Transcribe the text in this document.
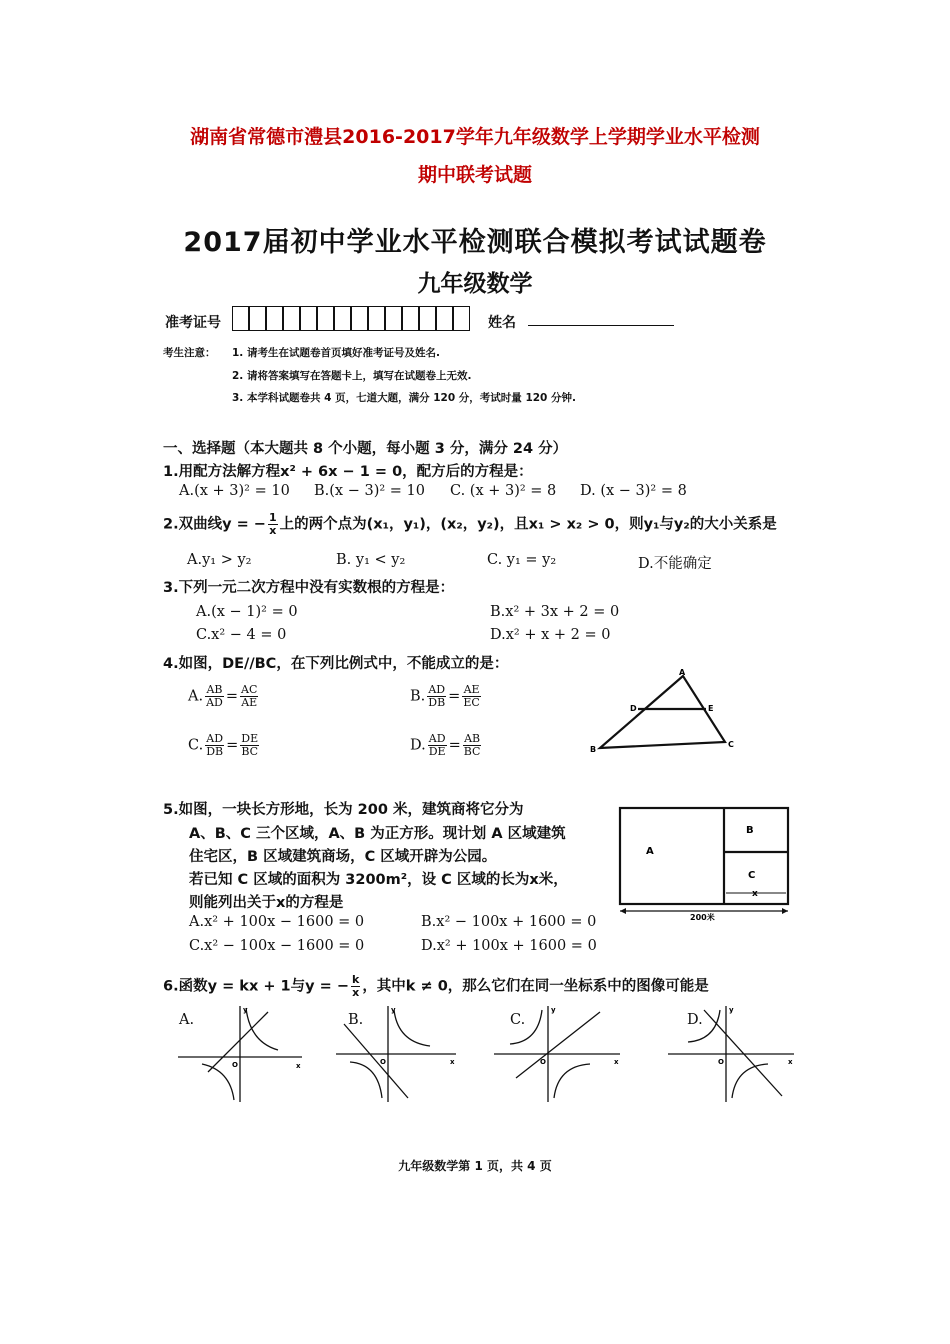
湖南省常德市澧县2016-2017学年九年级数学上学期学业水平检测
期中联考试题
2017届初中学业水平检测联合模拟考试试题卷
九年级数学
准考证号	姓名
考生注意： 1. 请考生在试题卷首页填好准考证号及姓名.
2. 请将答案填写在答题卡上，填写在试题卷上无效.
3. 本学科试题卷共 4 页，七道大题，满分 120 分，考试时量 120 分钟.
一、选择题（本大题共 8 个小题，每小题 3 分，满分 24 分）
1.用配方法解方程x² + 6x − 1 = 0，配方后的方程是：
A.(x + 3)² = 10 B.(x − 3)² = 10 C. (x + 3)² = 8 D. (x − 3)² = 8
2.双曲线y = − $\frac{1}{x}$ 上的两个点为(x₁，y₁)，(x₂，y₂)，且x₁ > x₂ > 0，则y₁与y₂的大小关系是
A.y₁ > y₂	B. y₁ < y₂	C. y₁ = y₂	D.不能确定
3.下列一元二次方程中没有实数根的方程是：
A.(x − 1)² = 0	B.x² + 3x + 2 = 0
C.x² − 4 = 0	D.x² + x + 2 = 0
4.如图，DE//BC，在下列比例式中，不能成立的是：
A. $\frac{AB}{AD} = \frac{AC}{AE}$	B. $\frac{AD}{DB} = \frac{AE}{EC}$
C. $\frac{AD}{DB} = \frac{DE}{BC}$	D. $\frac{AD}{DE} = \frac{AB}{BC}$
A
B
C
D	E
5.如图，一块长方形地，长为 200 米，建筑商将它分为
A、B、C 三个区域，A、B 为正方形。现计划 A 区域建筑
住宅区，B 区域建筑商场，C 区域开辟为公园。
若已知 C 区域的面积为 3200m²，设 C 区域的长为x米，
则能列出关于x的方程是
A.x² + 100x − 1600 = 0	B.x² − 100x + 1600 = 0
C.x² − 100x − 1600 = 0	D.x² + 100x + 1600 = 0
A
B
C
x
200米
6.函数y = kx + 1与y = − $\frac{k}{x}$ ，其中k ≠ 0，那么它们在同一坐标系中的图像可能是
A.	B.	C.	D.
x
y
O	x
y
O	x
y
O	x
y
O
九年级数学第 1 页，共 4 页
